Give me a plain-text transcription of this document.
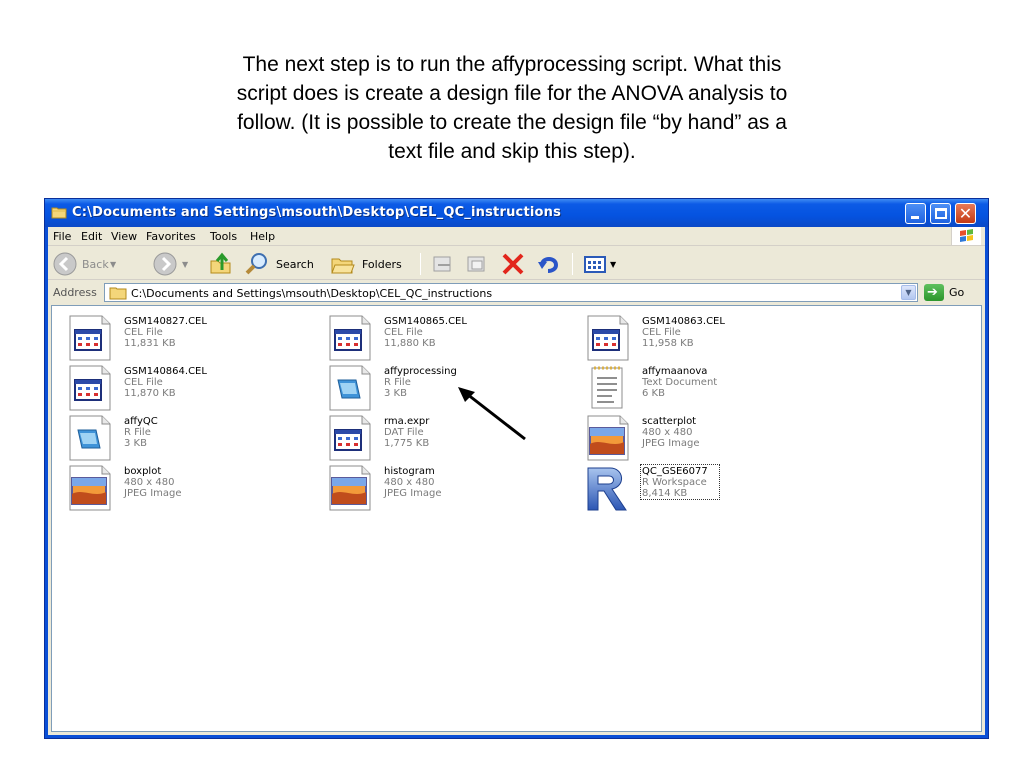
The next step is to run the affyprocessing script. What this
script does is create a design file for the ANOVA analysis to
follow. (It is possible to create the design file “by hand” as a
text file and skip this step).
C:\Documents and Settings\msouth\Desktop\CEL_QC_instructions	✕
File Edit View Favorites Tools Help
Back ▼	▼	Search	Folders	▼
Address	C:\Documents and Settings\msouth\Desktop\CEL_QC_instructions	▼	➔ Go
GSM140827.CEL
CEL File
11,831 KB
GSM140865.CEL
CEL File
11,880 KB
GSM140863.CEL
CEL File
11,958 KB
GSM140864.CEL
CEL File
11,870 KB
affyprocessing
R File
3 KB
affymaanova
Text Document
6 KB
affyQC
R File
3 KB
rma.expr
DAT File
1,775 KB
scatterplot
480 x 480
JPEG Image
boxplot
480 x 480
JPEG Image
histogram
480 x 480
JPEG Image
QC_GSE6077
R Workspace
8,414 KB
